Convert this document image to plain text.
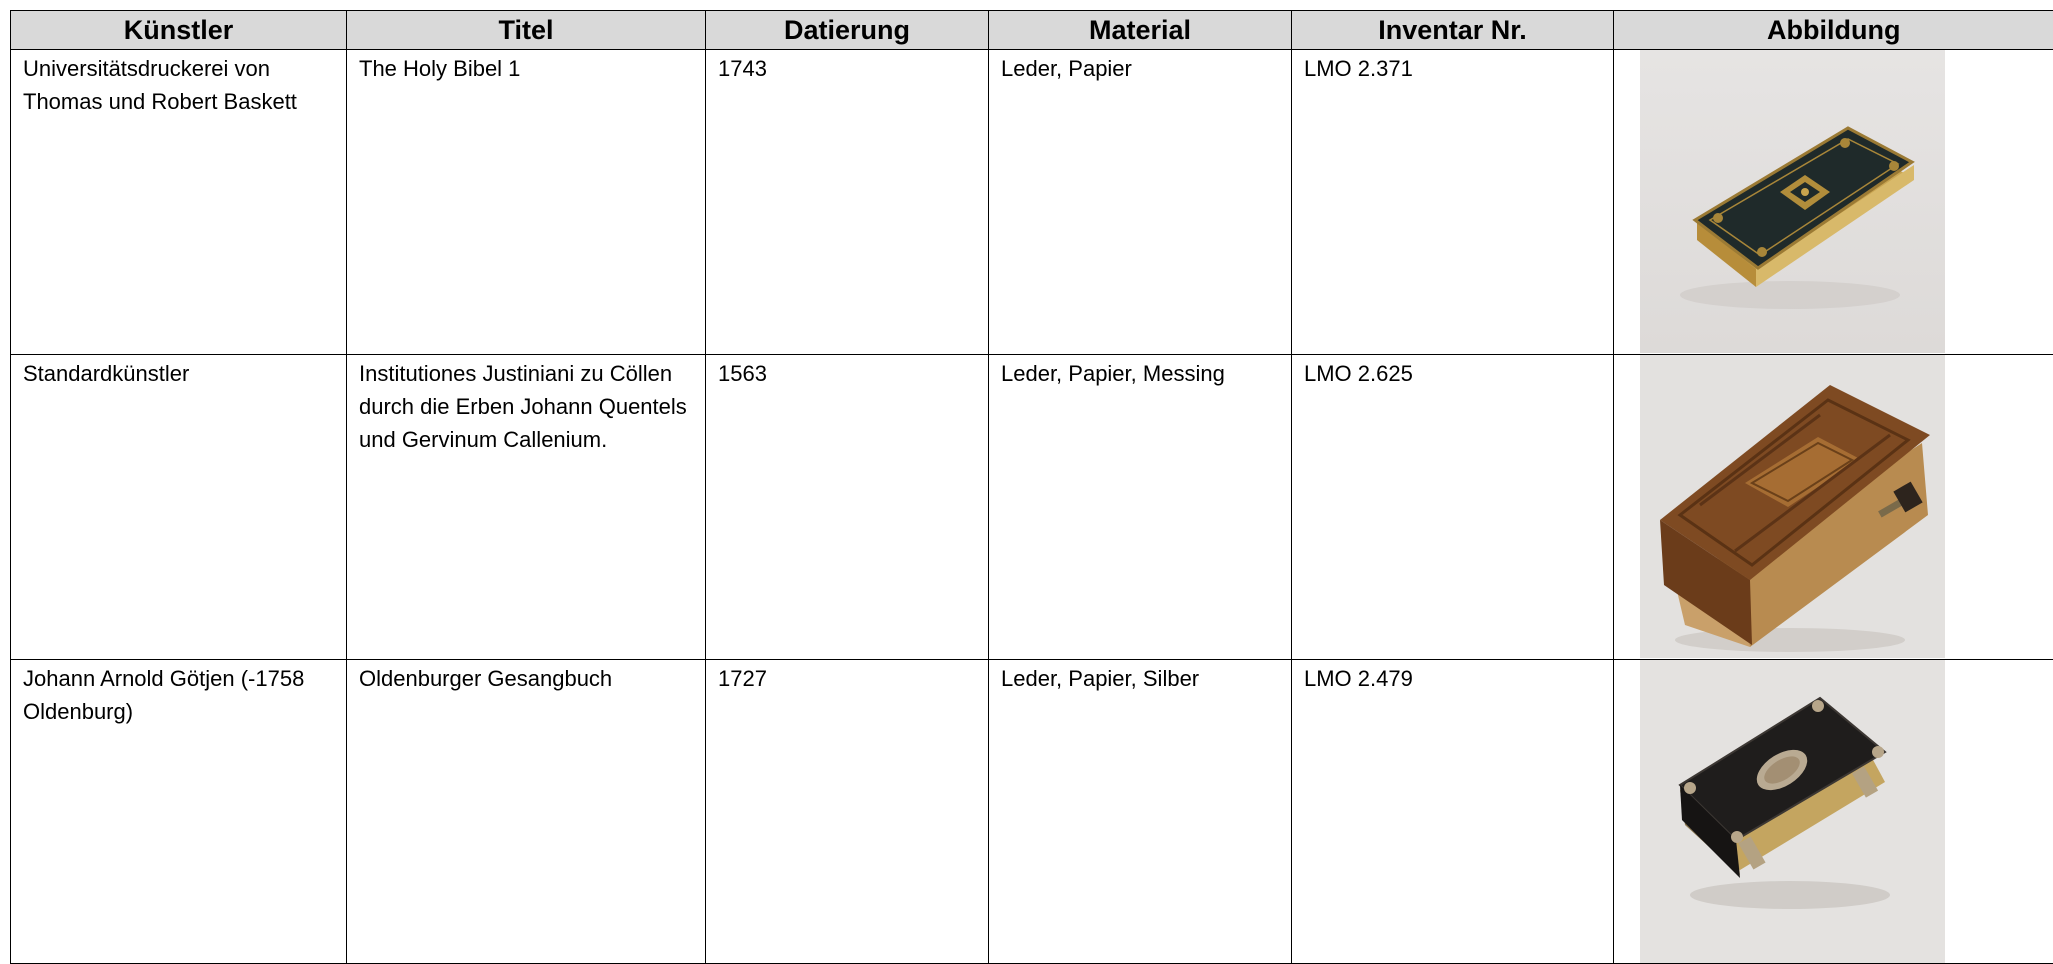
Künstler	Titel	Datierung	Material	Inventar Nr.	Abbildung
Universitätsdruckerei von Thomas und Robert Baskett	The Holy Bibel 1	1743	Leder, Papier	LMO 2.371	

Standardkünstler	Institutiones Justiniani zu Cöllen durch die Erben Johann Quentels und Gervinum Callenium.	1563	Leder, Papier, Messing	LMO 2.625	

Johann Arnold Götjen (-1758 Oldenburg)	Oldenburger Gesangbuch	1727	Leder, Papier, Silber	LMO 2.479	
